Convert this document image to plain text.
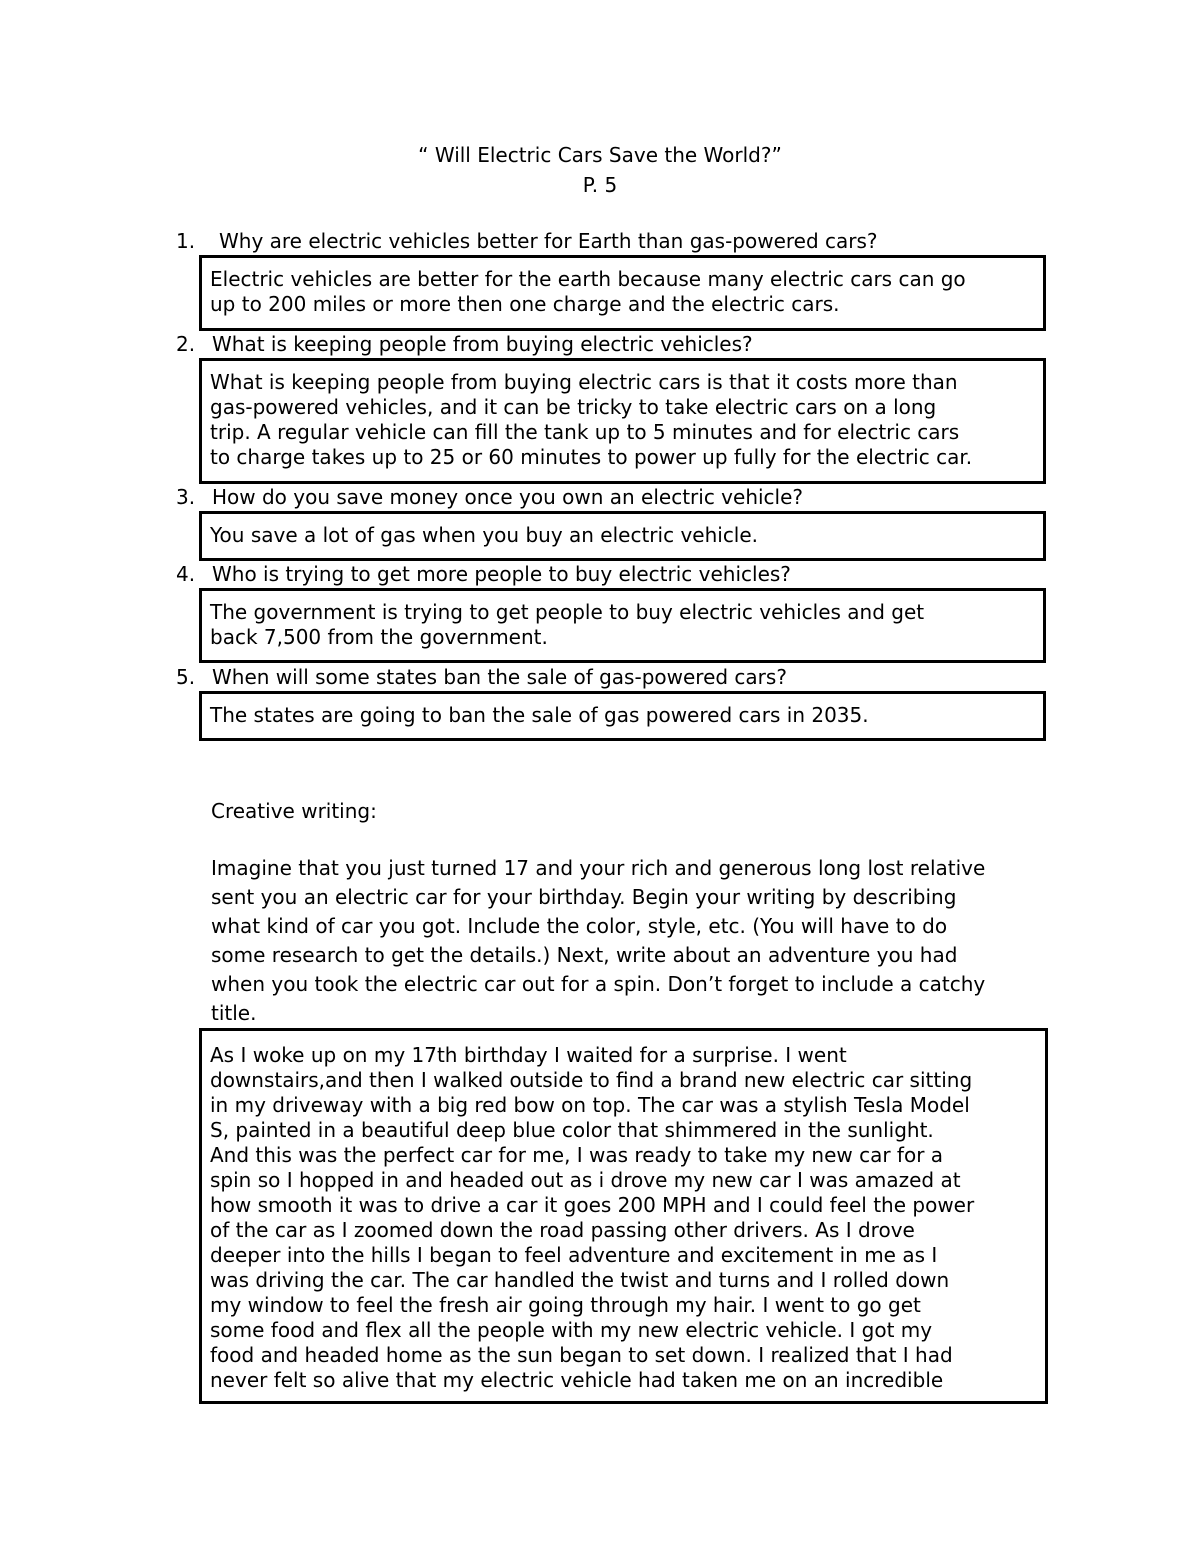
“ Will Electric Cars Save the World?”
P. 5
1. Why are electric vehicles better for Earth than gas-powered cars?
Electric vehicles are better for the earth because many electric cars can go
up to 200 miles or more then one charge and the electric cars.
2. What is keeping people from buying electric vehicles?
What is keeping people from buying electric cars is that it costs more than
gas-powered vehicles, and it can be tricky to take electric cars on a long
trip. A regular vehicle can fill the tank up to 5 minutes and for electric cars
to charge takes up to 25 or 60 minutes to power up fully for the electric car.
3. How do you save money once you own an electric vehicle?
You save a lot of gas when you buy an electric vehicle.
4. Who is trying to get more people to buy electric vehicles?
The government is trying to get people to buy electric vehicles and get
back 7,500 from the government.
5. When will some states ban the sale of gas-powered cars?
The states are going to ban the sale of gas powered cars in 2035.
Creative writing:
Imagine that you just turned 17 and your rich and generous long lost relative
sent you an electric car for your birthday. Begin your writing by describing
what kind of car you got. Include the color, style, etc. (You will have to do
some research to get the details.) Next, write about an adventure you had
when you took the electric car out for a spin. Don’t forget to include a catchy
title.
As I woke up on my 17th birthday I waited for a surprise. I went
downstairs,and then I walked outside to find a brand new electric car sitting
in my driveway with a big red bow on top. The car was a stylish Tesla Model
S, painted in a beautiful deep blue color that shimmered in the sunlight.
And this was the perfect car for me, I was ready to take my new car for a
spin so I hopped in and headed out as i drove my new car I was amazed at
how smooth it was to drive a car it goes 200 MPH and I could feel the power
of the car as I zoomed down the road passing other drivers. As I drove
deeper into the hills I began to feel adventure and excitement in me as I
was driving the car. The car handled the twist and turns and I rolled down
my window to feel the fresh air going through my hair. I went to go get
some food and flex all the people with my new electric vehicle. I got my
food and headed home as the sun began to set down. I realized that I had
never felt so alive that my electric vehicle had taken me on an incredible
